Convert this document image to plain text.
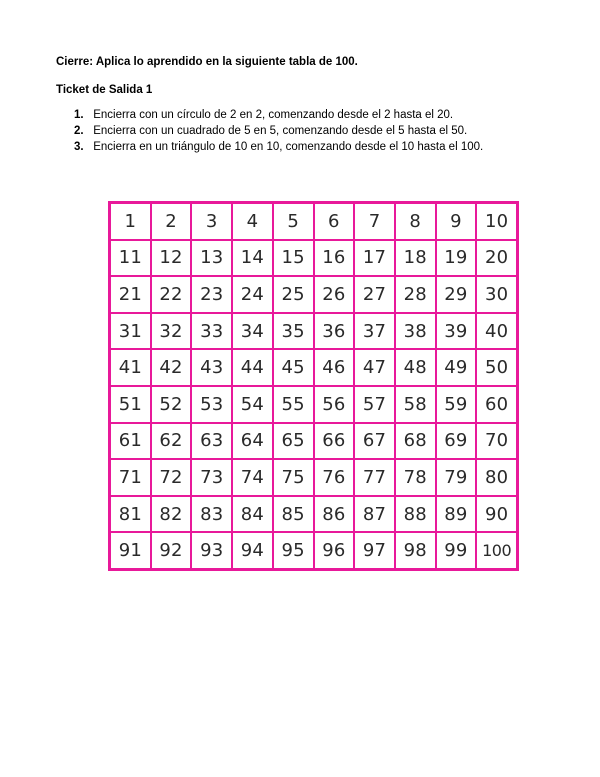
Cierre: Aplica lo aprendido en la siguiente tabla de 100.
Ticket de Salida 1
1. Encierra con un círculo de 2 en 2, comenzando desde el 2 hasta el 20.
2. Encierra con un cuadrado de 5 en 5, comenzando desde el 5 hasta el 50.
3. Encierra en un triángulo de 10 en 10, comenzando desde el 10 hasta el 100.
1	2	3	4	5	6	7	8	9	10
11 12 13 14 15 16 17 18 19 20
21 22 23 24 25 26 27 28 29 30
31 32 33 34 35 36 37 38 39 40
41 42 43 44 45 46 47 48 49 50
51 52 53 54 55 56 57 58 59 60
61 62 63 64 65 66 67 68 69 70
71 72 73 74 75 76 77 78 79 80
81 82 83 84 85 86 87 88 89 90
91 92 93 94 95 96 97 98 99 100
